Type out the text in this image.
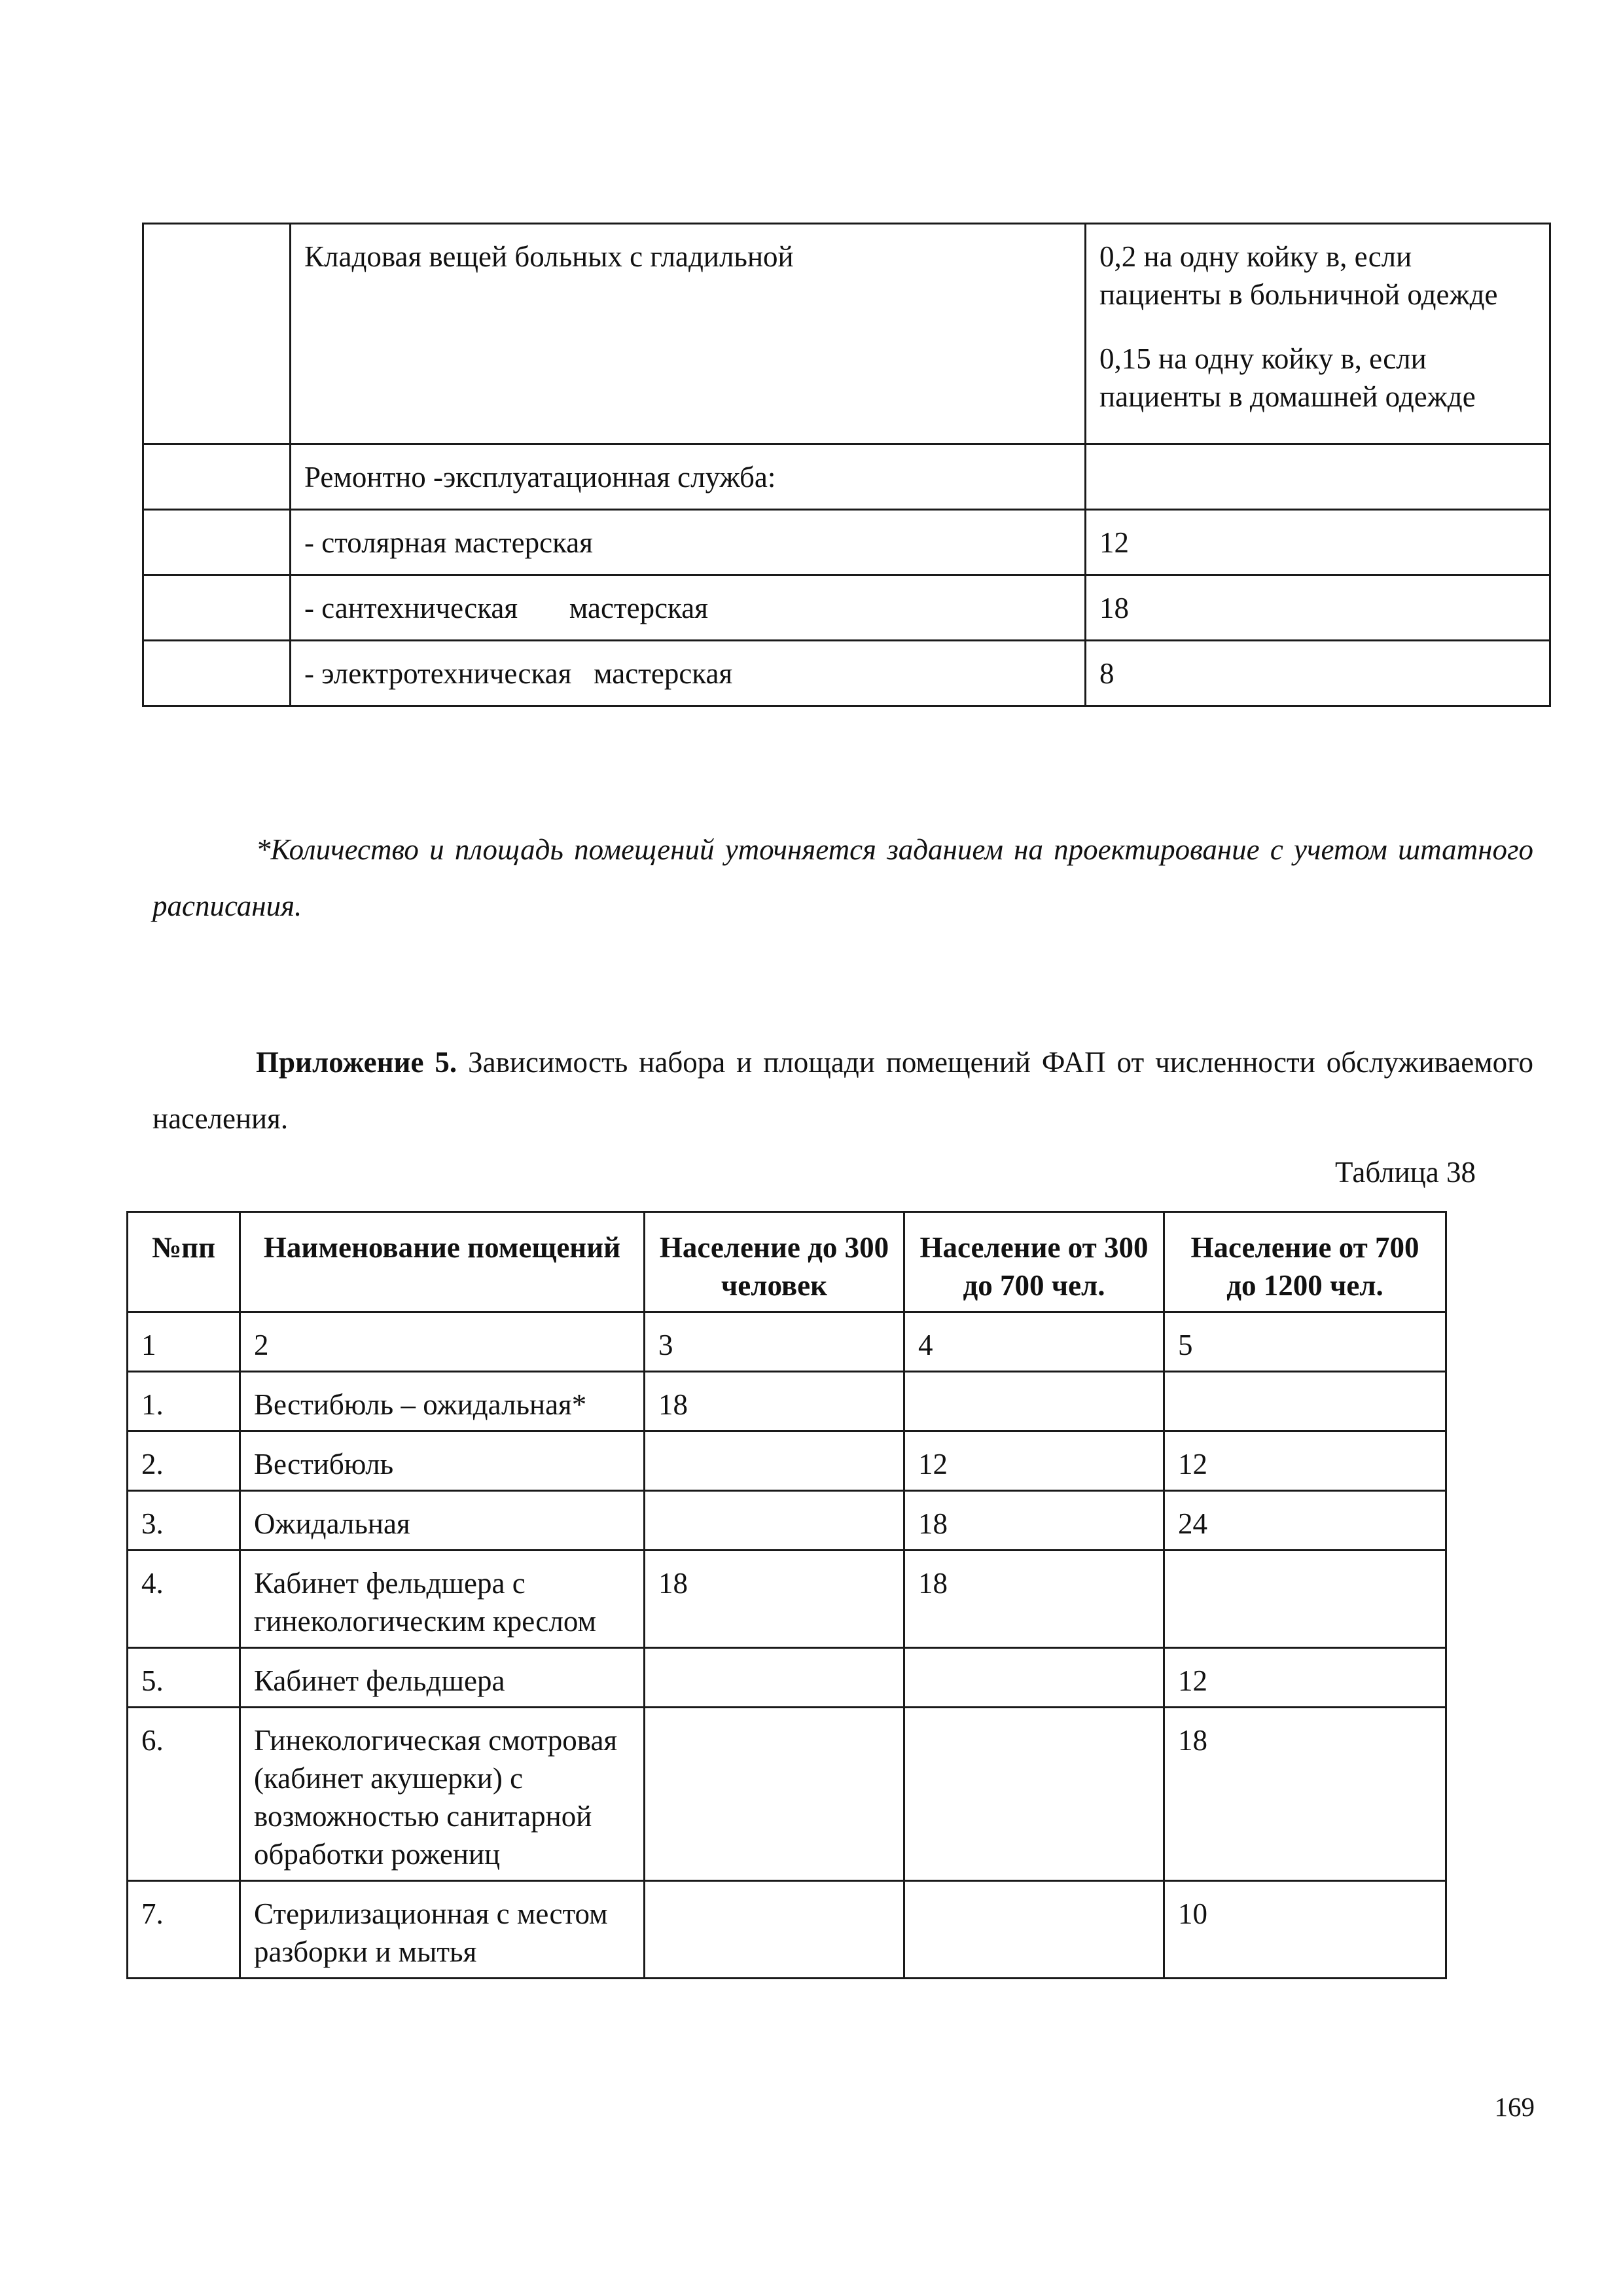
	Кладовая вещей больных с гладильной	0,2 на одну койку в, если пациенты в больничной одежде

0,15 на одну койку в, если пациенты в домашней одежде

	Ремонтно -эксплуатационная служба:	
	- столярная мастерская	12
	- сантехническая       мастерская	18
	- электротехническая   мастерская	8

*Количество и площадь помещений уточняется заданием на проектирование с учетом штатного расписания.

Приложение 5. Зависимость набора и площади помещений ФАП от численности обслуживаемого населения.

Таблица 38

№пп	Наименование помещений	Население до 300 человек	Население от 300 до 700 чел.	Население от 700 до 1200 чел.
1	2	3	4	5
1.	Вестибюль – ожидальная*	18		
2.	Вестибюль		12	12
3.	Ожидальная		18	24
4.	Кабинет фельдшера с гинекологическим креслом	18	18	
5.	Кабинет фельдшера			12
6.	Гинекологическая смотровая (кабинет акушерки) с возможностью санитарной обработки рожениц			18
7.	Стерилизационная с местом разборки и мытья			10

169
